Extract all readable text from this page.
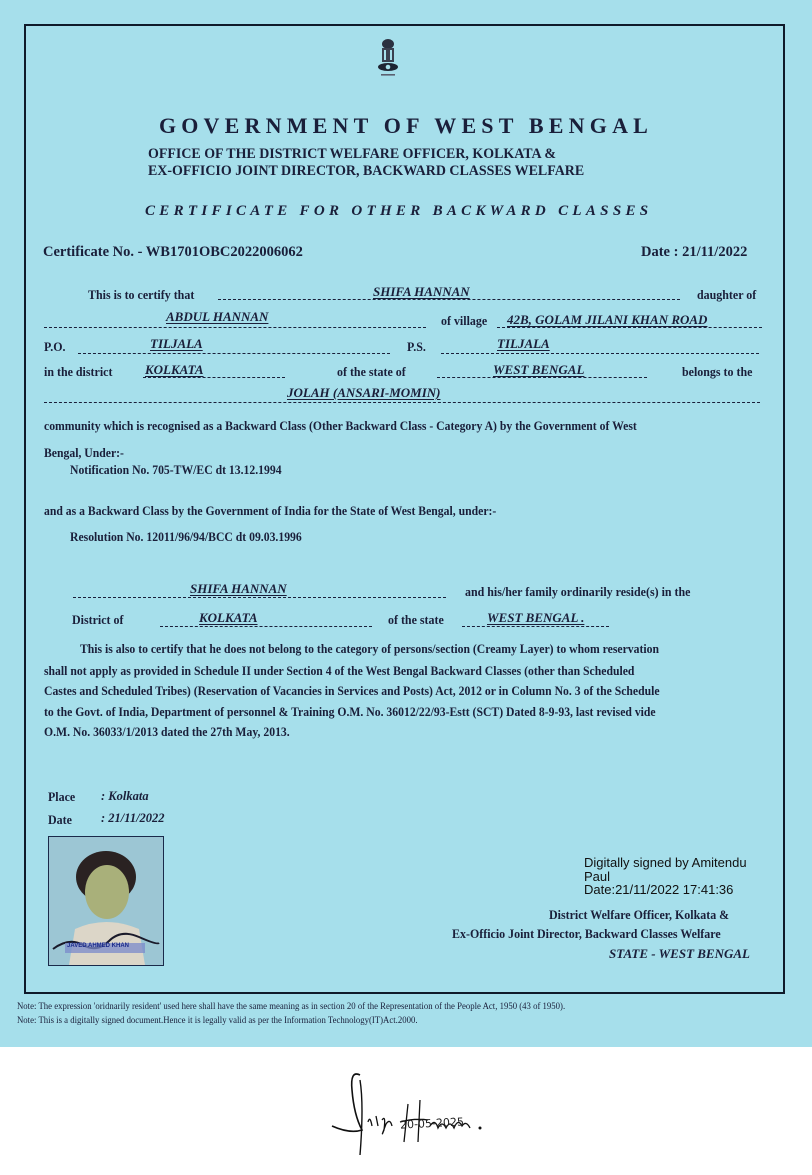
GOVERNMENT OF WEST BENGAL
OFFICE OF THE DISTRICT WELFARE OFFICER, KOLKATA &
EX-OFFICIO JOINT DIRECTOR, BACKWARD CLASSES WELFARE
CERTIFICATE FOR OTHER BACKWARD CLASSES
Certificate No. - WB1701OBC2022006062	Date : 21/11/2022
This is to certify that	SHIFA HANNAN	daughter of
ABDUL HANNAN	of village 42B, GOLAM JILANI KHAN ROAD
P.O.	TILJALA	P.S.	TILJALA
in the district	KOLKATA	of the state of	WEST BENGAL	belongs to the
JOLAH (ANSARI-MOMIN)
community which is recognised as a Backward Class (Other Backward Class - Category A) by the Government of West
Bengal, Under:-
Notification No. 705-TW/EC dt 13.12.1994
and as a Backward Class by the Government of India for the State of West Bengal, under:-
Resolution No. 12011/96/94/BCC dt 09.03.1996
SHIFA HANNAN	and his/her family ordinarily reside(s) in the
District of	KOLKATA	of the state	WEST BENGAL .
This is also to certify that he does not belong to the category of persons/section (Creamy Layer) to whom reservation
shall not apply as provided in Schedule II under Section 4 of the West Bengal Backward Classes (other than Scheduled
Castes and Scheduled Tribes) (Reservation of Vacancies in Services and Posts) Act, 2012 or in Column No. 3 of the Schedule
to the Govt. of India, Department of personnel & Training O.M. No. 36012/22/93-Estt (SCT) Dated 8-9-93, last revised vide
O.M. No. 36033/1/2013 dated the 27th May, 2013.
Place : Kolkata
Date : 21/11/2022
JAVED AHMED KHAN
Digitally signed by Amitendu
Paul
Date:21/11/2022 17:41:36
District Welfare Officer, Kolkata &
Ex-Officio Joint Director, Backward Classes Welfare
STATE - WEST BENGAL
Note: The expression 'oridnarily resident' used here shall have the same meaning as in section 20 of the Representation of the People Act, 1950 (43 of 1950).
Note: This is a digitally signed document.Hence it is legally valid as per the Information Technology(IT)Act.2000.
20-05-2025
